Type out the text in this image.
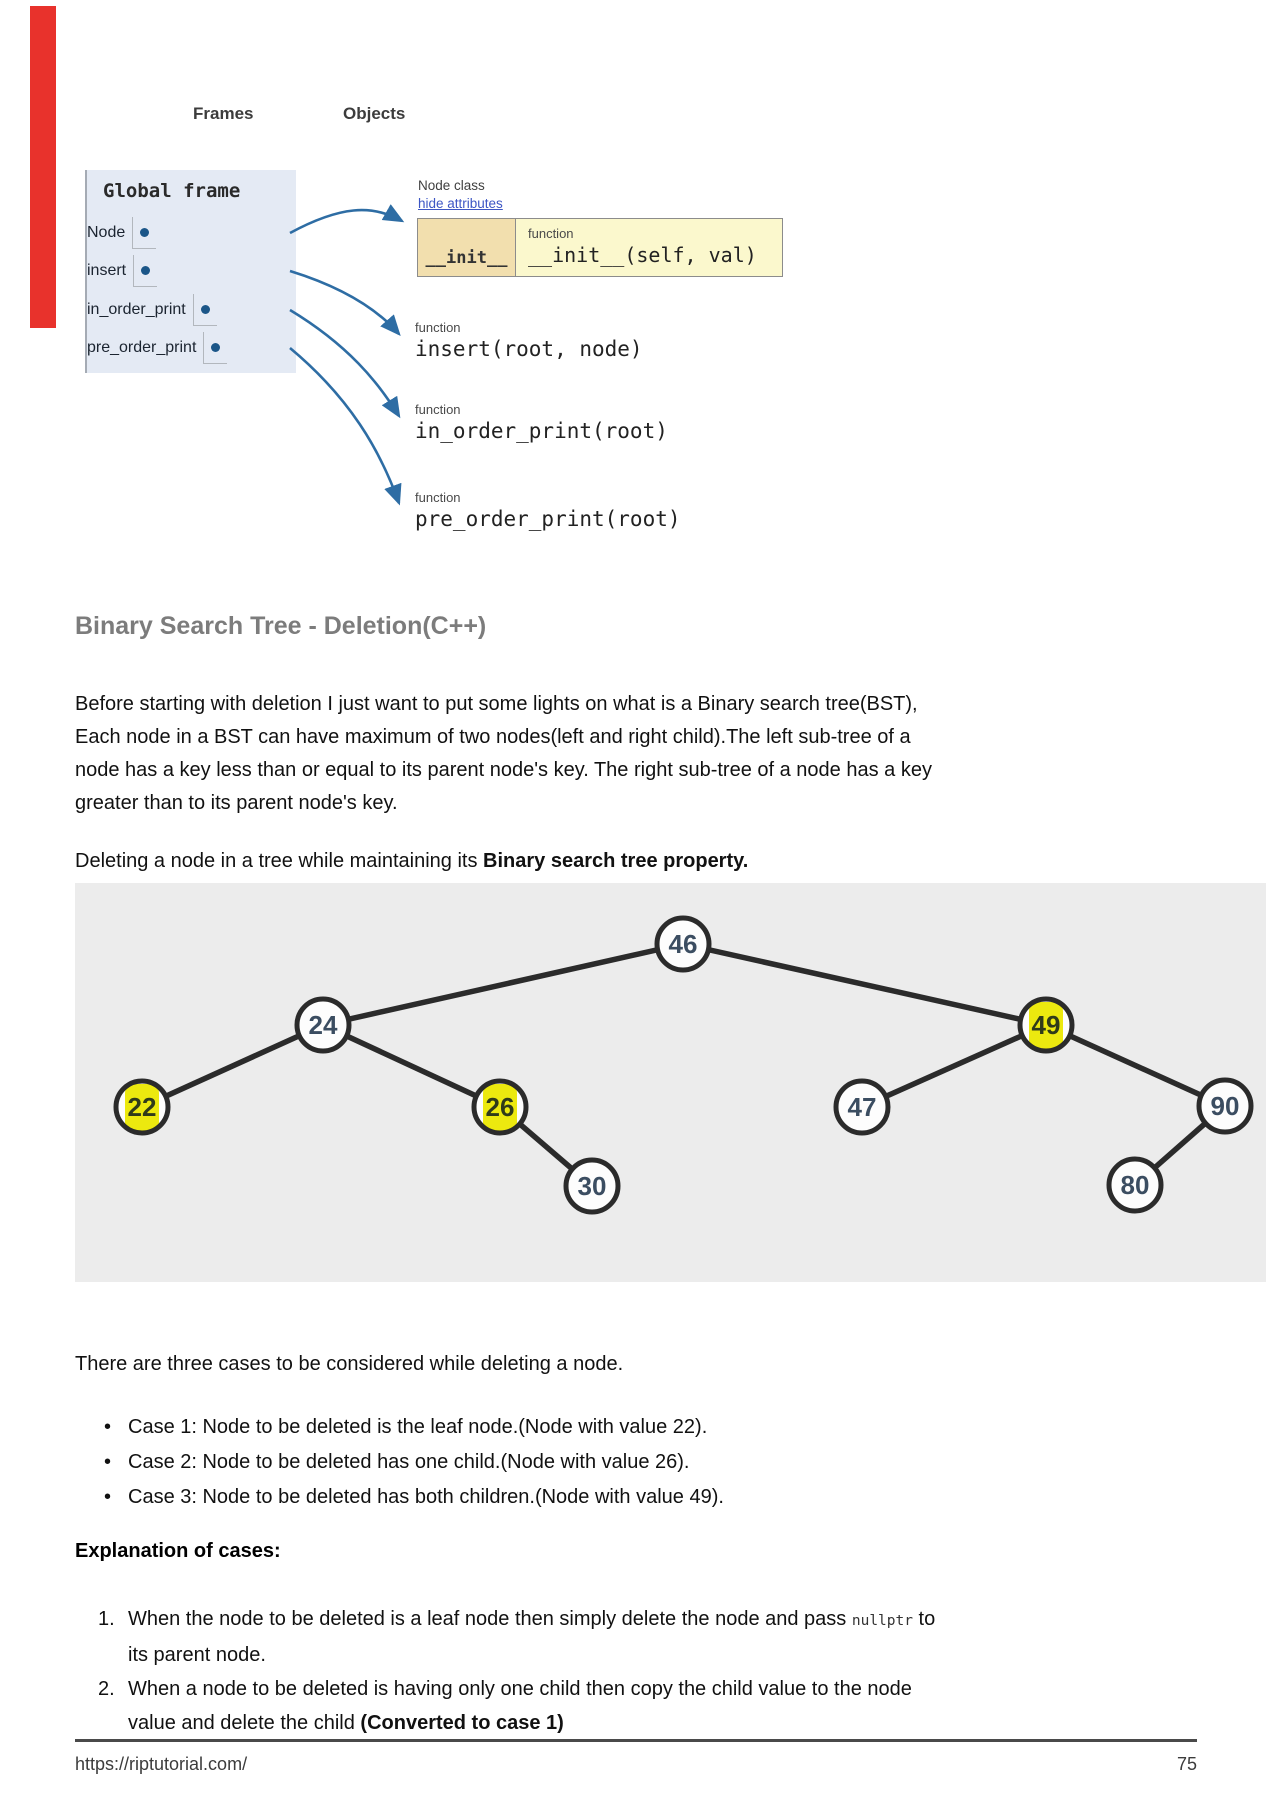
Frames	Objects
Global frame
Node
insert
in_order_print
pre_order_print
Node class
hide attributes
__init__
function
__init__(self, val)
function
insert(root, node)
function
in_order_print(root)
function
pre_order_print(root)
Binary Search Tree - Deletion(C++)
Before starting with deletion I just want to put some lights on what is a Binary search tree(BST),
Each node in a BST can have maximum of two nodes(left and right child).The left sub-tree of a
node has a key less than or equal to its parent node's key. The right sub-tree of a node has a key
greater than to its parent node's key.
Deleting a node in a tree while maintaining its Binary search tree property.
46
24	49
22	26	47	90
30	80
There are three cases to be considered while deleting a node.
• Case 1: Node to be deleted is the leaf node.(Node with value 22).
• Case 2: Node to be deleted has one child.(Node with value 26).
• Case 3: Node to be deleted has both children.(Node with value 49).
Explanation of cases:
1. When the node to be deleted is a leaf node then simply delete the node and pass nullptr to
its parent node.
2. When a node to be deleted is having only one child then copy the child value to the node
value and delete the child (Converted to case 1)
https://riptutorial.com/	75
